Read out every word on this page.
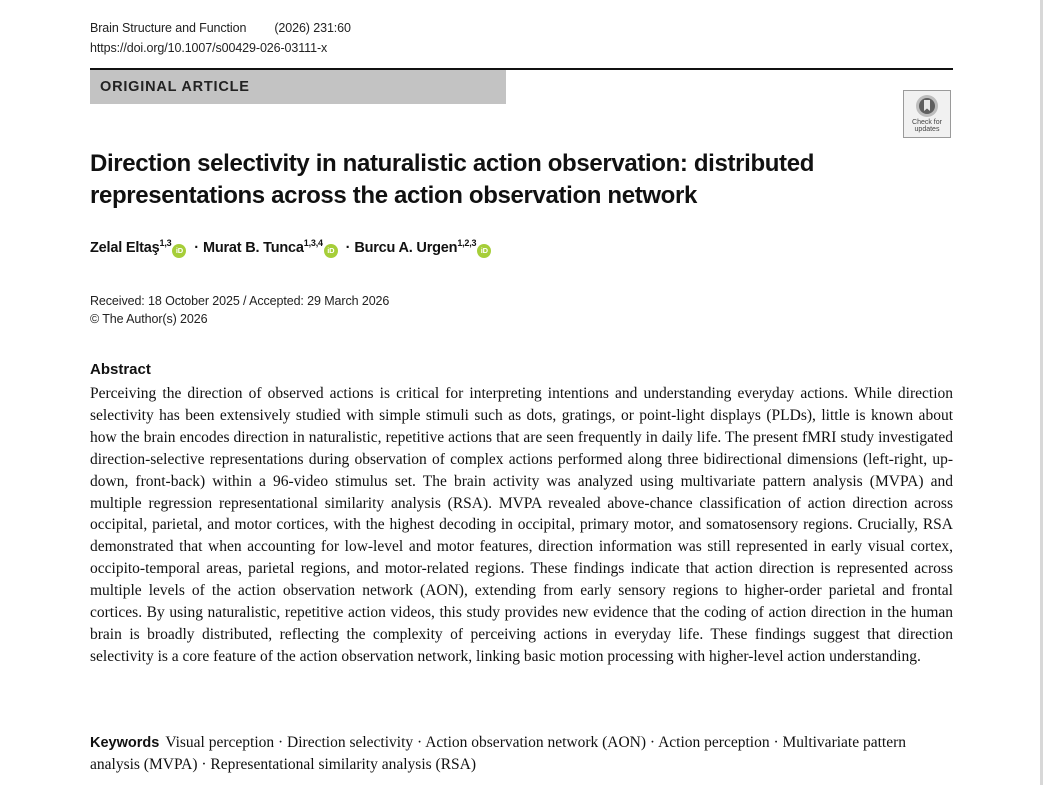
Brain Structure and Function (2026) 231:60
https://doi.org/10.1007/s00429-026-03111-x
ORIGINAL ARTICLE
Check for
updates
Direction selectivity in naturalistic action observation: distributed representations across the action observation network
Zelal Eltaş$^{1,3}$iD · Murat B. Tunca$^{1,3,4}$iD · Burcu A. Urgen$^{1,2,3}$iD
Received: 18 October 2025 / Accepted: 29 March 2026
© The Author(s) 2026
Abstract

Perceiving the direction of observed actions is critical for interpreting intentions and understanding everyday actions. While direction selectivity has been extensively studied with simple stimuli such as dots, gratings, or point-light displays (PLDs), little is known about how the brain encodes direction in naturalistic, repetitive actions that are seen frequently in daily life. The present fMRI study investigated direction-selective representations during observation of complex actions performed along three bidirectional dimensions (left-right, up-down, front-back) within a 96-video stimulus set. The brain activity was analyzed using multivariate pattern analysis (MVPA) and multiple regression representational similarity analysis (RSA). MVPA revealed above-chance classification of action direction across occipital, parietal, and motor cortices, with the highest decoding in occipital, primary motor, and somatosensory regions. Crucially, RSA demonstrated that when accounting for low-level and motor features, direction information was still represented in early visual cortex, occipito-temporal areas, parietal regions, and motor-related regions. These findings indicate that action direction is represented across multiple levels of the action observation network (AON), extending from early sensory regions to higher-order parietal and frontal cortices. By using naturalistic, repetitive action videos, this study provides new evidence that the coding of action direction in the human brain is broadly distributed, reflecting the complexity of perceiving actions in everyday life. These findings suggest that direction selectivity is a core feature of the action observation network, linking basic motion processing with higher-level action understanding.

Keywords Visual perception · Direction selectivity · Action observation network (AON) · Action perception · Multivariate pattern analysis (MVPA) · Representational similarity analysis (RSA)
